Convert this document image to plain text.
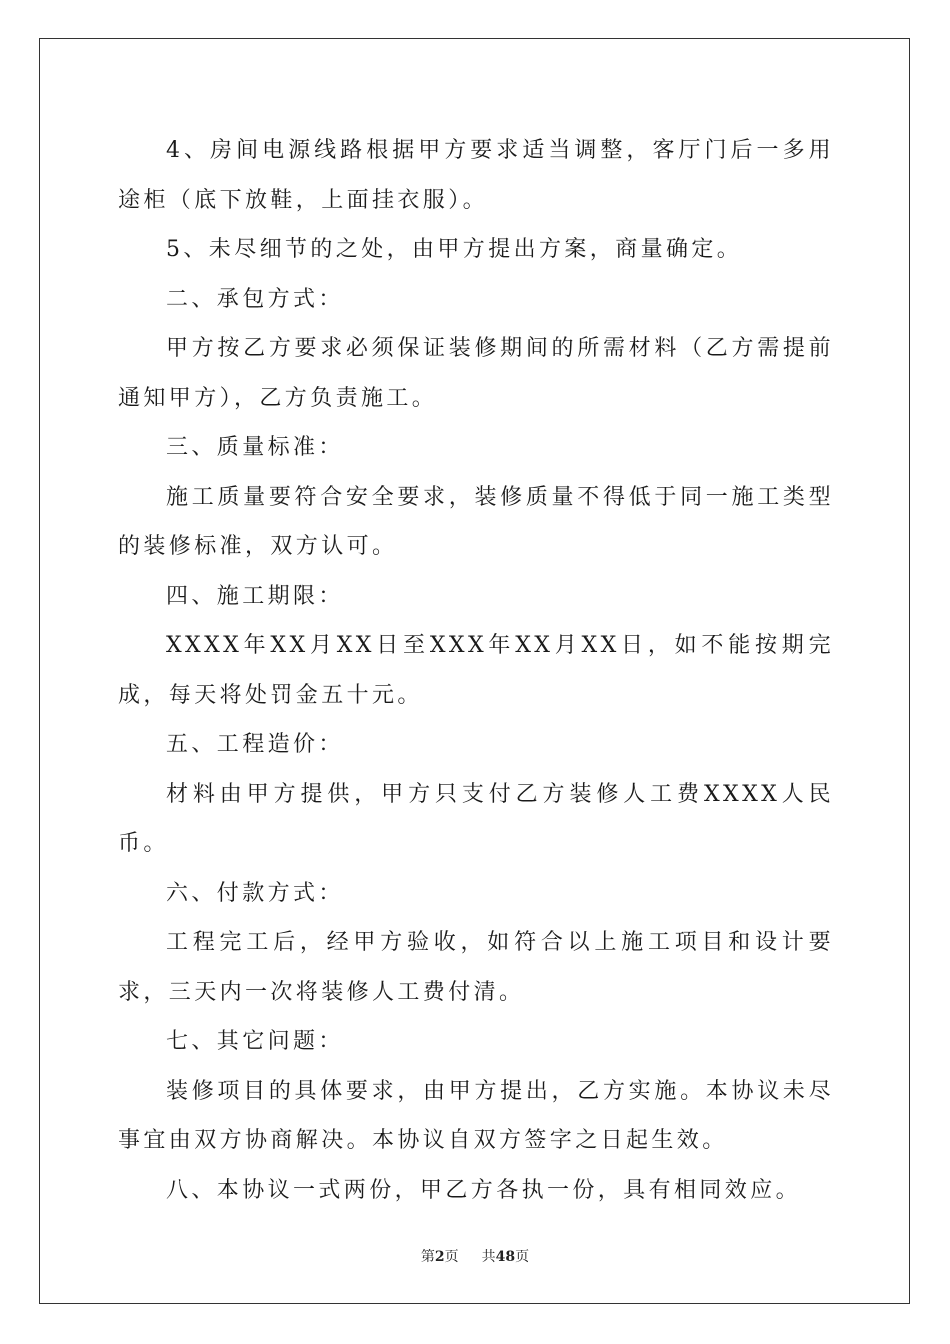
4、房间电源线路根据甲方要求适当调整，客厅门后一多用途柜（底下放鞋，上面挂衣服）。

5、未尽细节的之处，由甲方提出方案，商量确定。

二、承包方式：

甲方按乙方要求必须保证装修期间的所需材料（乙方需提前通知甲方），乙方负责施工。

三、质量标准：

施工质量要符合安全要求，装修质量不得低于同一施工类型的装修标准，双方认可。

四、施工期限：

XXXX年XX月XX日至XXX年XX月XX日，如不能按期完成，每天将处罚金五十元。

五、工程造价：

材料由甲方提供，甲方只支付乙方装修人工费XXXX人民币。

六、付款方式：

工程完工后，经甲方验收，如符合以上施工项目和设计要求，三天内一次将装修人工费付清。

七、其它问题：

装修项目的具体要求，由甲方提出，乙方实施。本协议未尽事宜由双方协商解决。本协议自双方签字之日起生效。

八、本协议一式两份，甲乙方各执一份，具有相同效应。

第2页 共48页
